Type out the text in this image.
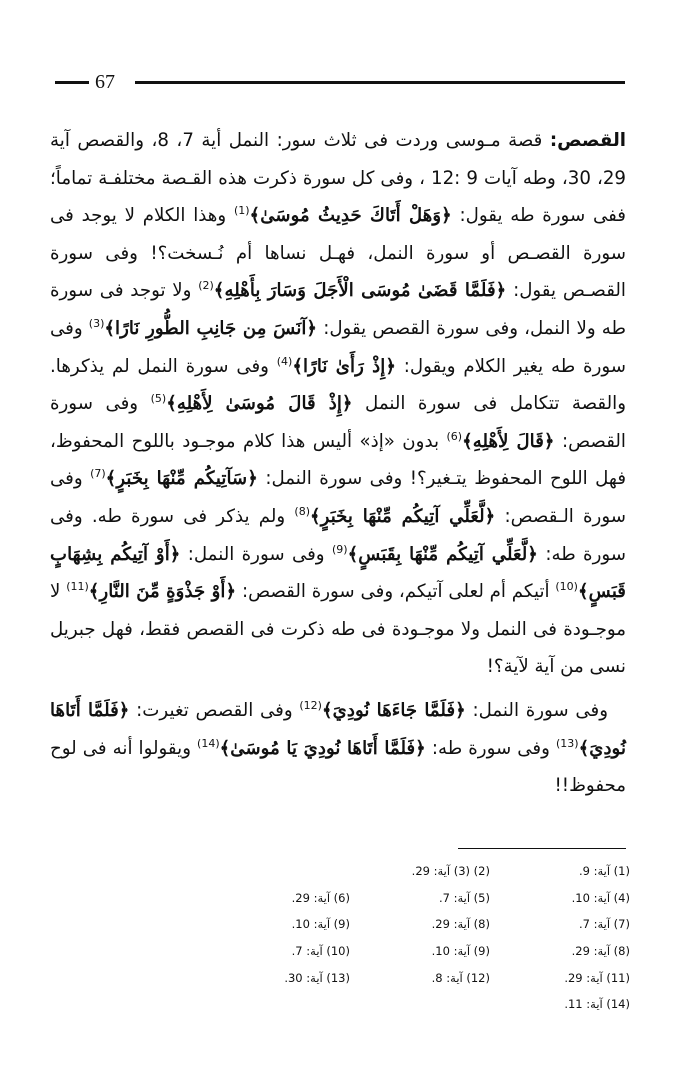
67

القصص: قصة مـوسى وردت فى ثلاث سور: النمل أية 7، 8، والقصص آية 29، 30، وطه آيات 9 :12 ، وفى كل سورة ذكرت هذه القـصة مختلفـة تماماً؛ ففى سورة طه يقول: ﴿وَهَلْ أَتَاكَ حَدِيثُ مُوسَىٰ﴾$^{(1)}$ وهذا الكلام لا يوجد فى سورة القصـص أو سورة النمل، فهـل نساها أم نُـسخت؟! وفى سورة القصـص يقول: ﴿فَلَمَّا قَضَىٰ مُوسَى الْأَجَلَ وَسَارَ بِأَهْلِهِ﴾$^{(2)}$ ولا توجد فى سورة طه ولا النمل، وفى سورة القصص يقول: ﴿آنَسَ مِن جَانِبِ الطُّورِ نَارًا﴾$^{(3)}$ وفى سورة طه يغير الكلام ويقول: ﴿إِذْ رَأَىٰ نَارًا﴾$^{(4)}$ وفى سورة النمل لم يذكرها. والقصة تتكامل فى سورة النمل ﴿إِذْ قَالَ مُوسَىٰ لِأَهْلِهِ﴾$^{(5)}$ وفى سورة القصص: ﴿قَالَ لِأَهْلِهِ﴾$^{(6)}$ بدون «إذ» أليس هذا كلام موجـود باللوح المحفوظ، فهل اللوح المحفوظ يتـغير؟! وفى سورة النمل: ﴿سَآتِيكُم مِّنْهَا بِخَبَرٍ﴾$^{(7)}$ وفى سورة الـقصص: ﴿لَّعَلِّي آتِيكُم مِّنْهَا بِخَبَرٍ﴾$^{(8)}$ ولم يذكر فى سورة طه. وفى سورة طه: ﴿لَّعَلِّي آتِيكُم مِّنْهَا بِقَبَسٍ﴾$^{(9)}$ وفى سورة النمل: ﴿أَوْ آتِيكُم بِشِهَابٍ قَبَسٍ﴾$^{(10)}$ أتيكم أم لعلى آتيكم، وفى سورة القصص: ﴿أَوْ جَذْوَةٍ مِّنَ النَّارِ﴾$^{(11)}$ لا موجـودة فى النمل ولا موجـودة فى طه ذكرت فى القصص فقط، فهل جبريل نسى من آية لآية؟!

وفى سورة النمل: ﴿فَلَمَّا جَاءَهَا نُودِيَ﴾$^{(12)}$ وفى القصص تغيرت: ﴿فَلَمَّا أَتَاهَا نُودِيَ﴾$^{(13)}$ وفى سورة طه: ﴿فَلَمَّا أَتَاهَا نُودِيَ يَا مُوسَىٰ﴾$^{(14)}$ ويقولوا أنه فى لوح محفوظ!!

(1) آية: 9.
(2) (3) آية: 29.
(4) آية: 10.
(5) آية: 7.
(6) آية: 29.
(7) آية: 7.
(8) آية: 29.
(9) آية: 10.
(8) آية: 29.
(9) آية: 10.
(10) آية: 7.
(11) آية: 29.
(12) آية: 8.
(13) آية: 30.
(14) آية: 11.
